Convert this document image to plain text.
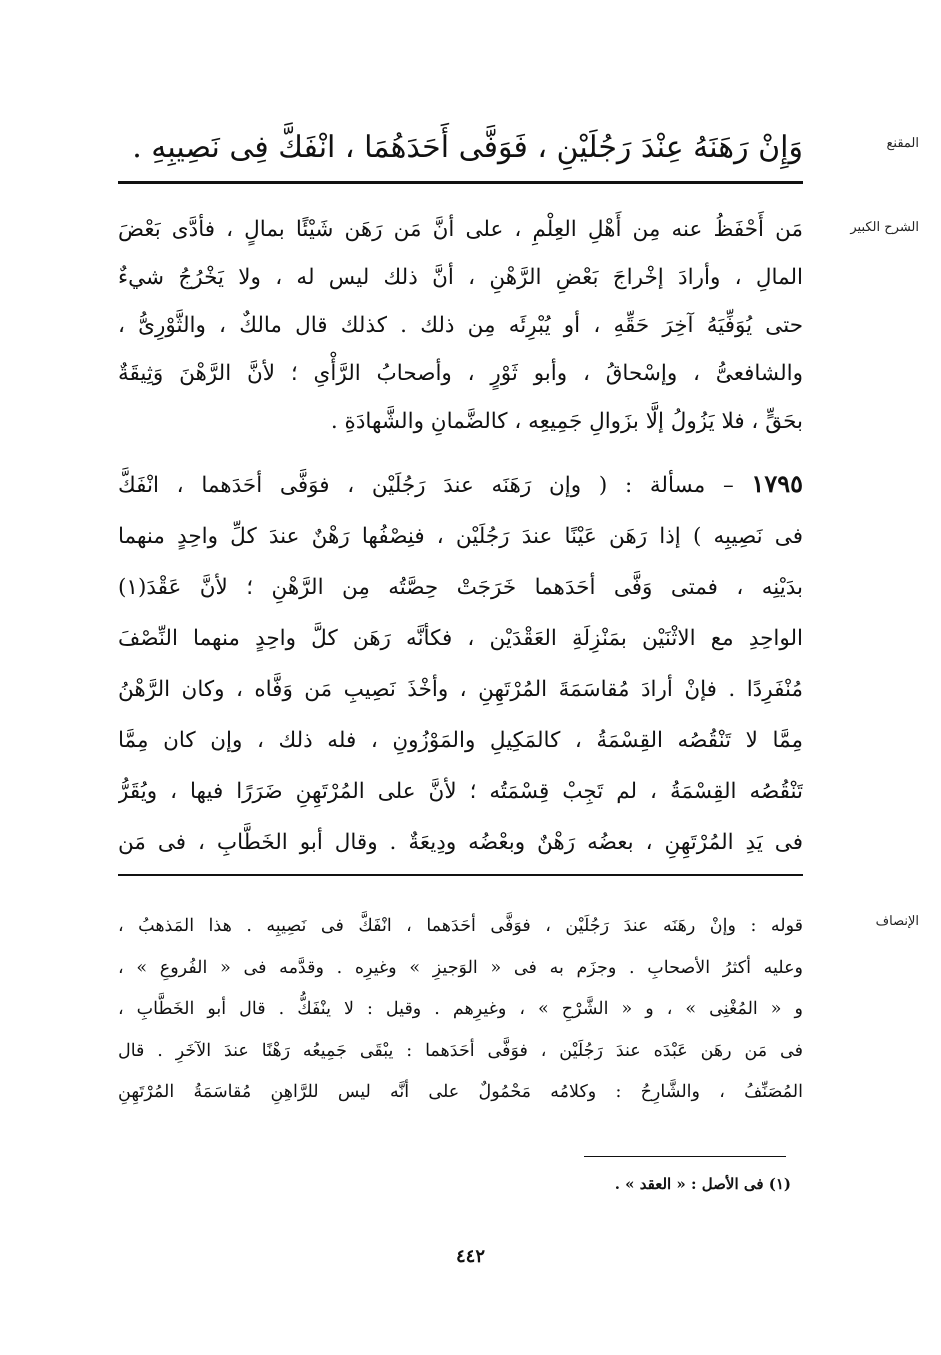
المقنع
وَإِنْ رَهَنَهُ عِنْدَ رَجُلَيْنِ ، فَوَفَّى أَحَدَهُمَا ، انْفَكَّ فِى نَصِيبِهِ .
الشرح الكبير
مَن أَحْفَظُ عنه مِن أَهْلِ العِلْمِ ، على أنَّ مَن رَهَن شَيْئًا بمالٍ ، فأدَّى بَعْضَ
المالِ ، وأرادَ إخْراجَ بَعْضِ الرَّهْنِ ، أنَّ ذلك ليس له ، ولا يَخْرُجُ شيءٌ
حتى يُوَفِّيَهُ آخِرَ حَقِّهِ ، أو يُبْرِئَه مِن ذلك . كذلك قال مالكٌ ، والثَّوْرِىُّ ،
والشافعىُّ ، وإسْحاقُ ، وأبو ثَوْرٍ ، وأصحابُ الرَّأْىِ ؛ لأنَّ الرَّهْنَ وَثِيقَةٌ
بحَقٍّ ، فلا يَزُولُ إلَّا بزَوالِ جَمِيعِه ، كالضَّمانِ والشَّهادَةِ .
١٧٩٥ – مسألة : ( وإن رَهَنَه عندَ رَجُلَيْن ، فوَفَّى أحَدَهما ، انْفَكَّ
فى نَصِيبِه ) إذا رَهَن عَيْنًا عندَ رَجُلَيْن ، فنِصْفُها رَهْنٌ عندَ كلِّ واحِدٍ منهما
بدَيْنِه ، فمتى وَفَّى أحَدَهما خَرَجَتْ حِصَّتُه مِن الرَّهْنِ ؛ لأنَّ عَقْدَ(١)
الواحِدِ مع الاثْنَيْن بمَنْزِلَةِ العَقْدَيْن ، فكأنَّه رَهَن كلَّ واحِدٍ منهما النِّصْفَ
مُنْفَرِدًا . فإنْ أرادَ مُقاسَمَةَ المُرْتَهِنِ ، وأخْذَ نَصِيبِ مَن وَفَّاه ، وكان الرَّهْنُ
مِمَّا لا تَنْقُصُه القِسْمَةُ ، كالمَكِيلِ والمَوْزُونِ ، فله ذلك ، وإن كان مِمَّا
تَنْقُصُه القِسْمَةُ ، لم تَجِبْ قِسْمَتُه ؛ لأنَّ على المُرْتَهِنِ ضَرَرًا فيها ، ويُقَرُّ
فى يَدِ المُرْتَهِنِ ، بعضُه رَهْنٌ وبعْضُه ودِيعَةٌ . وقال أبو الخَطَّابِ ، فى مَن
الإنصاف
قوله : وإنْ رهَنَه عندَ رَجُلَيْن ، فوَفَّى أحَدَهما ، انْفَكَّ فى نَصِيبِه . هذا المَذهبُ ،
وعليه أكثرُ الأصحابِ . وجزَم به فى « الوَجيزِ » وغيرِه . وقدَّمه فى « الفُروعِ » ،
و « المُغْنِى » ، و « الشَّرْحِ » ، وغيرِهم . وقيل : لا ينْفَكُّ . قال أبو الخَطَّابِ ،
فى مَن رهَن عَبْدَه عندَ رَجُلَيْن ، فوَفَّى أحَدَهما : يبْقَى جَمِيعُه رَهْنًا عندَ الآخَرِ . قال
المُصَنِّفُ ، والشَّارِحُ : وكلامُه مَحْمُولٌ على أنَّه ليس للرَّاهِنِ مُقاسَمَةُ المُرْتَهِنِ
(١) فى الأصل : « العقد » .
٤٤٢
